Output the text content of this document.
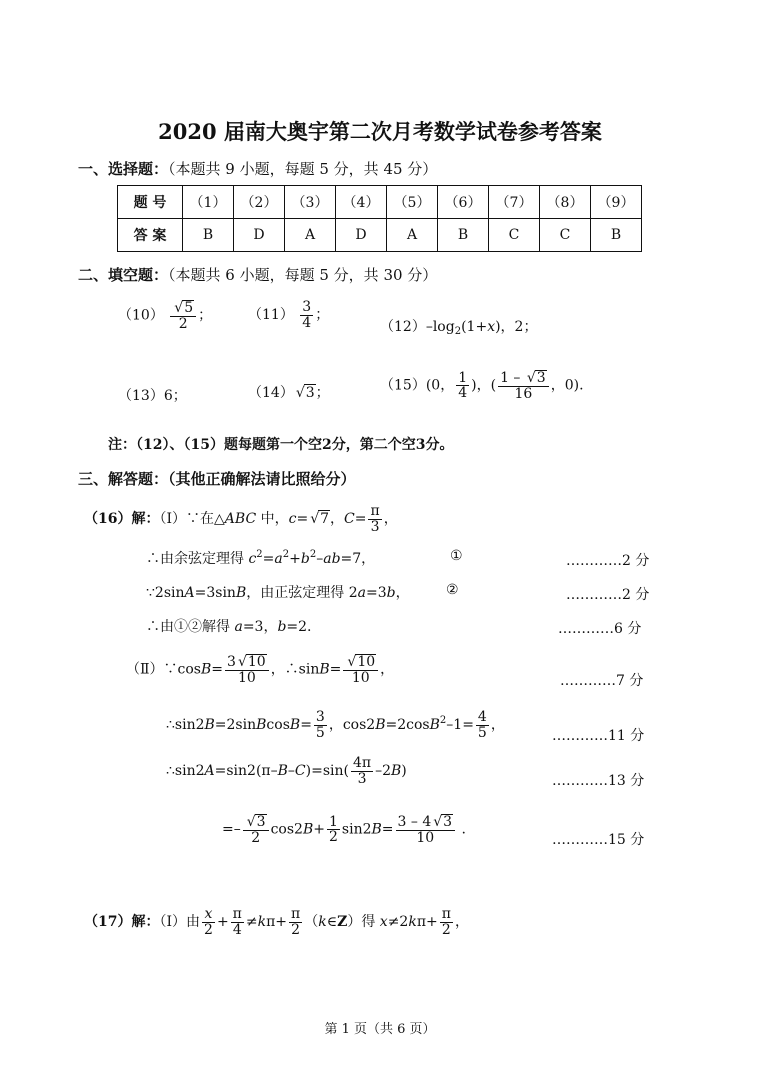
2020 届南大奥宇第二次月考数学试卷参考答案
一、选择题：（本题共 9 小题，每题 5 分，共 45 分）
题 号	（1）	（2）	（3）	（4）	（5）	（6）	（7）	（8）	（9）
答 案	B	D	A	D	A	B	C	C	B
二、填空题：（本题共 6 小题，每题 5 分，共 30 分）
（10） √ $\frac{5}{2}$ ；	$(11) \frac{3}{4}$ ；
$(12)-\log_2(1+x)$，2；
（13）6；	（14） √ 3；	（15）(0， $\frac{1}{4}$ )，( $\frac{1 - √ 3}{16}$ ，0).
注：（12）、（15）题每题第一个空2分，第二个空3分。
三、解答题：（其他正确解法请比照给分）
（16）解：（Ⅰ）∵在△ABC 中，c= √ 7，$C= \frac{\pi}{3}$ ，
∴由余弦定理得 $c^2=a^2+b^2-ab=7$，	①	…………2 分
∵2sinA=3sinB，由正弦定理得 2a=3b，	②	…………2 分
∴由①②解得 a=3，b=2.	…………6 分
（Ⅱ）∵cosB= $\frac{3 √ 10}{10}$ ，∴sinB= √ $\frac{10}{10}$ ，
…………7 分
∴sin2B=2sinBcosB= $\frac{3}{5}$ ，$\cos 2B=2\cos B^2-1= \frac{4}{5}$ ，
…………11 分
∴sin2A=sin2(π–B–C)=sin( $\frac{4\pi}{3} -2B$)
…………13 分
=– √ $\frac{3}{2} \cos 2B+ \frac{1}{2} \sin 2B= \frac{3 - 4 √ 3}{10}$ .
…………15 分
（17）解：（Ⅰ）由 $\frac{x}{2} + \frac{\pi}{4} \ne k\pi+ \frac{\pi}{2}$ （k∈Z）得 $x\ne 2k\pi+ \frac{\pi}{2}$ ，
第 1 页（共 6 页）
